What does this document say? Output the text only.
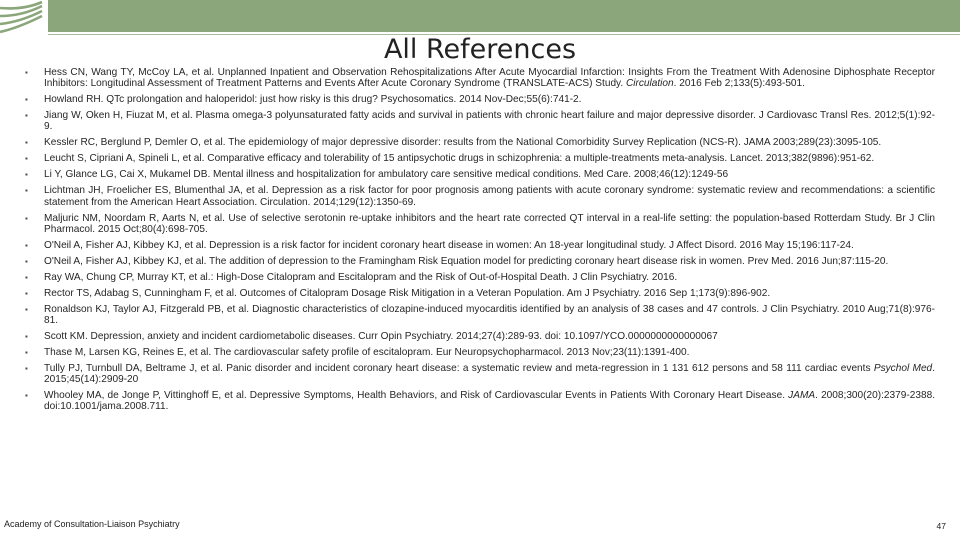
All References
▪ Hess CN, Wang TY, McCoy LA, et al. Unplanned Inpatient and Observation Rehospitalizations After Acute Myocardial Infarction: Insights From the Treatment With Adenosine Diphosphate Receptor Inhibitors: Longitudinal Assessment of Treatment Patterns and Events After Acute Coronary Syndrome (TRANSLATE-ACS) Study. Circulation. 2016 Feb 2;133(5):493-501.
▪ Howland RH. QTc prolongation and haloperidol: just how risky is this drug? Psychosomatics. 2014 Nov-Dec;55(6):741-2.
▪ Jiang W, Oken H, Fiuzat M, et al. Plasma omega-3 polyunsaturated fatty acids and survival in patients with chronic heart failure and major depressive disorder. J Cardiovasc Transl Res. 2012;5(1):92-9.
▪ Kessler RC, Berglund P, Demler O, et al. The epidemiology of major depressive disorder: results from the National Comorbidity Survey Replication (NCS-R). JAMA 2003;289(23):3095-105.
▪ Leucht S, Cipriani A, Spineli L, et al. Comparative efficacy and tolerability of 15 antipsychotic drugs in schizophrenia: a multiple-treatments meta-analysis. Lancet. 2013;382(9896):951-62.
▪ Li Y, Glance LG, Cai X, Mukamel DB. Mental illness and hospitalization for ambulatory care sensitive medical conditions. Med Care. 2008;46(12):1249-56
▪ Lichtman JH, Froelicher ES, Blumenthal JA, et al. Depression as a risk factor for poor prognosis among patients with acute coronary syndrome: systematic review and recommendations: a scientific statement from the American Heart Association. Circulation. 2014;129(12):1350-69.
▪ Maljuric NM, Noordam R, Aarts N, et al. Use of selective serotonin re-uptake inhibitors and the heart rate corrected QT interval in a real-life setting: the population-based Rotterdam Study. Br J Clin Pharmacol. 2015 Oct;80(4):698-705.
▪ O'Neil A, Fisher AJ, Kibbey KJ, et al. Depression is a risk factor for incident coronary heart disease in women: An 18-year longitudinal study. J Affect Disord. 2016 May 15;196:117-24.
▪ O'Neil A, Fisher AJ, Kibbey KJ, et al. The addition of depression to the Framingham Risk Equation model for predicting coronary heart disease risk in women. Prev Med. 2016 Jun;87:115-20.
▪ Ray WA, Chung CP, Murray KT, et al.: High-Dose Citalopram and Escitalopram and the Risk of Out-of-Hospital Death. J Clin Psychiatry. 2016.
▪ Rector TS, Adabag S, Cunningham F, et al. Outcomes of Citalopram Dosage Risk Mitigation in a Veteran Population. Am J Psychiatry. 2016 Sep 1;173(9):896-902.
▪ Ronaldson KJ, Taylor AJ, Fitzgerald PB, et al. Diagnostic characteristics of clozapine-induced myocarditis identified by an analysis of 38 cases and 47 controls. J Clin Psychiatry. 2010 Aug;71(8):976-81.
▪ Scott KM. Depression, anxiety and incident cardiometabolic diseases. Curr Opin Psychiatry. 2014;27(4):289-93. doi: 10.1097/YCO.0000000000000067
▪ Thase M, Larsen KG, Reines E, et al. The cardiovascular safety profile of escitalopram. Eur Neuropsychopharmacol. 2013 Nov;23(11):1391-400.
▪ Tully PJ, Turnbull DA, Beltrame J, et al. Panic disorder and incident coronary heart disease: a systematic review and meta-regression in 1 131 612 persons and 58 111 cardiac events Psychol Med. 2015;45(14):2909-20
▪ Whooley MA, de Jonge P, Vittinghoff E, et al. Depressive Symptoms, Health Behaviors, and Risk of Cardiovascular Events in Patients With Coronary Heart Disease. JAMA. 2008;300(20):2379-2388. doi:10.1001/jama.2008.711.
Academy of Consultation-Liaison Psychiatry	47
